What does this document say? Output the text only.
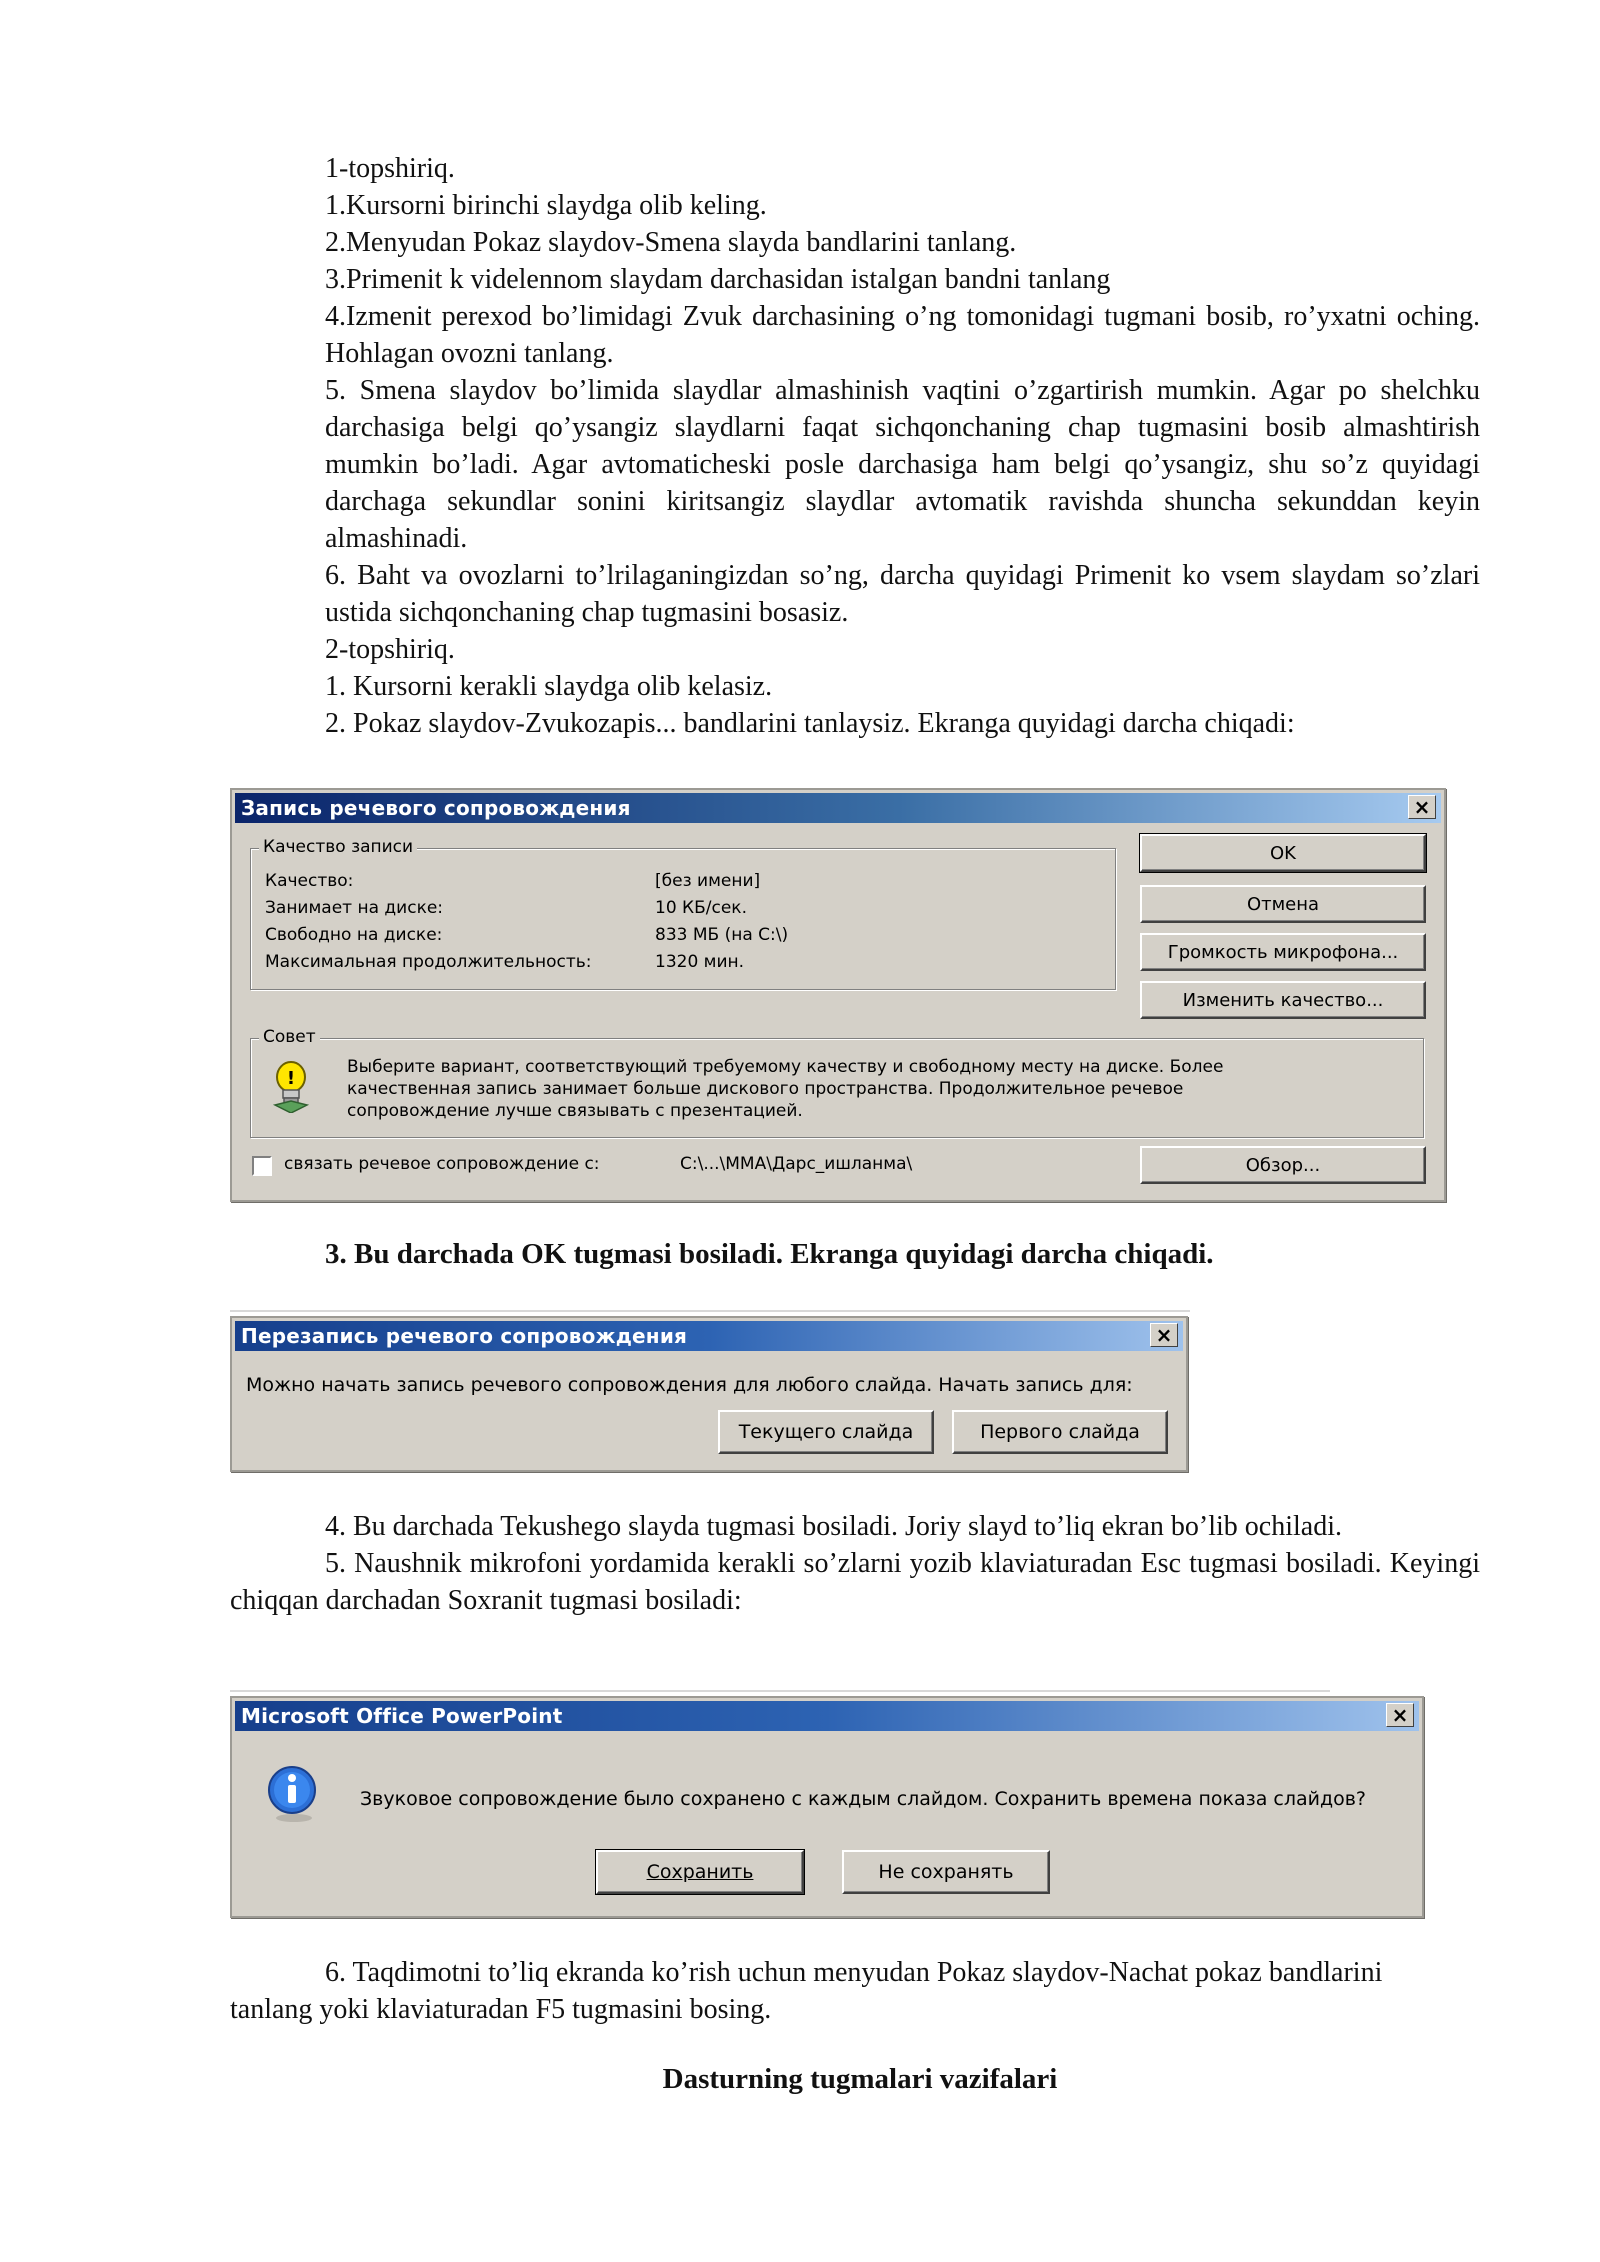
1-topshiriq.

1.Kursorni birinchi slaydga olib keling.

2.Menyudan Pokaz slaydov-Smena slayda bandlarini tanlang.

3.Primenit k videlennom slaydam darchasidan istalgan bandni tanlang

4.Izmenit perexod bo’limidagi Zvuk darchasining o’ng tomonidagi tugmani bosib, ro’yxatni oching. Hohlagan ovozni tanlang.

5. Smena slaydov bo’limida slaydlar almashinish vaqtini o’zgartirish mumkin. Agar po shelchku darchasiga belgi qo’ysangiz slaydlarni faqat sichqonchaning chap tugmasini bosib almashtirish mumkin bo’ladi. Agar avtomaticheski posle darchasiga ham belgi qo’ysangiz, shu so’z quyidagi darchaga sekundlar sonini kiritsangiz slaydlar avtomatik ravishda shuncha sekunddan keyin almashinadi.

6. Baht va ovozlarni to’lrilaganingizdan so’ng, darcha quyidagi Primenit ko vsem slaydam so’zlari ustida sichqonchaning chap tugmasini bosasiz.

2-topshiriq.

1. Kursorni kerakli slaydga olib kelasiz.

2. Pokaz slaydov-Zvukozapis... bandlarini tanlaysiz. Ekranga quyidagi darcha chiqadi:

Запись речевого сопровождения	×
Качество записи
Качество:	[без имени]
Занимает на диске:	10 КБ/сек.
Свободно на диске:	833 МБ (на C:\)
Максимальная продолжительность:	1320 мин.
OK
Отмена
Громкость микрофона...
Изменить качество...
Совет
!
Выберите вариант, соответствующий требуемому качеству и свободному месту на диске. Более
качественная запись занимает больше дискового пространства. Продолжительное речевое
сопровождение лучше связывать с презентацией.
связать речевое сопровождение с:	C:\...\MMA\Дарс_ишланма\	Обзор...
3. Bu darchada OK tugmasi bosiladi. Ekranga quyidagi darcha chiqadi.
Перезапись речевого сопровождения	×
Можно начать запись речевого сопровождения для любого слайда. Начать запись для:
Текущего слайда	Первого слайда

4. Bu darchada Tekushego slayda tugmasi bosiladi. Joriy slayd to’liq ekran bo’lib ochiladi.

5. Naushnik mikrofoni yordamida kerakli so’zlarni yozib klaviaturadan Esc tugmasi bosiladi. Keyingi chiqqan darchadan Soxranit tugmasi bosiladi:

Microsoft Office PowerPoint	×
Звуковое сопровождение было сохранено с каждым слайдом. Сохранить времена показа слайдов?
Сохранить	Не сохранять

6. Taqdimotni to’liq ekranda ko’rish uchun menyudan Pokaz slaydov-Nachat pokaz bandlarini tanlang yoki klaviaturadan F5 tugmasini bosing.

Dasturning tugmalari vazifalari
